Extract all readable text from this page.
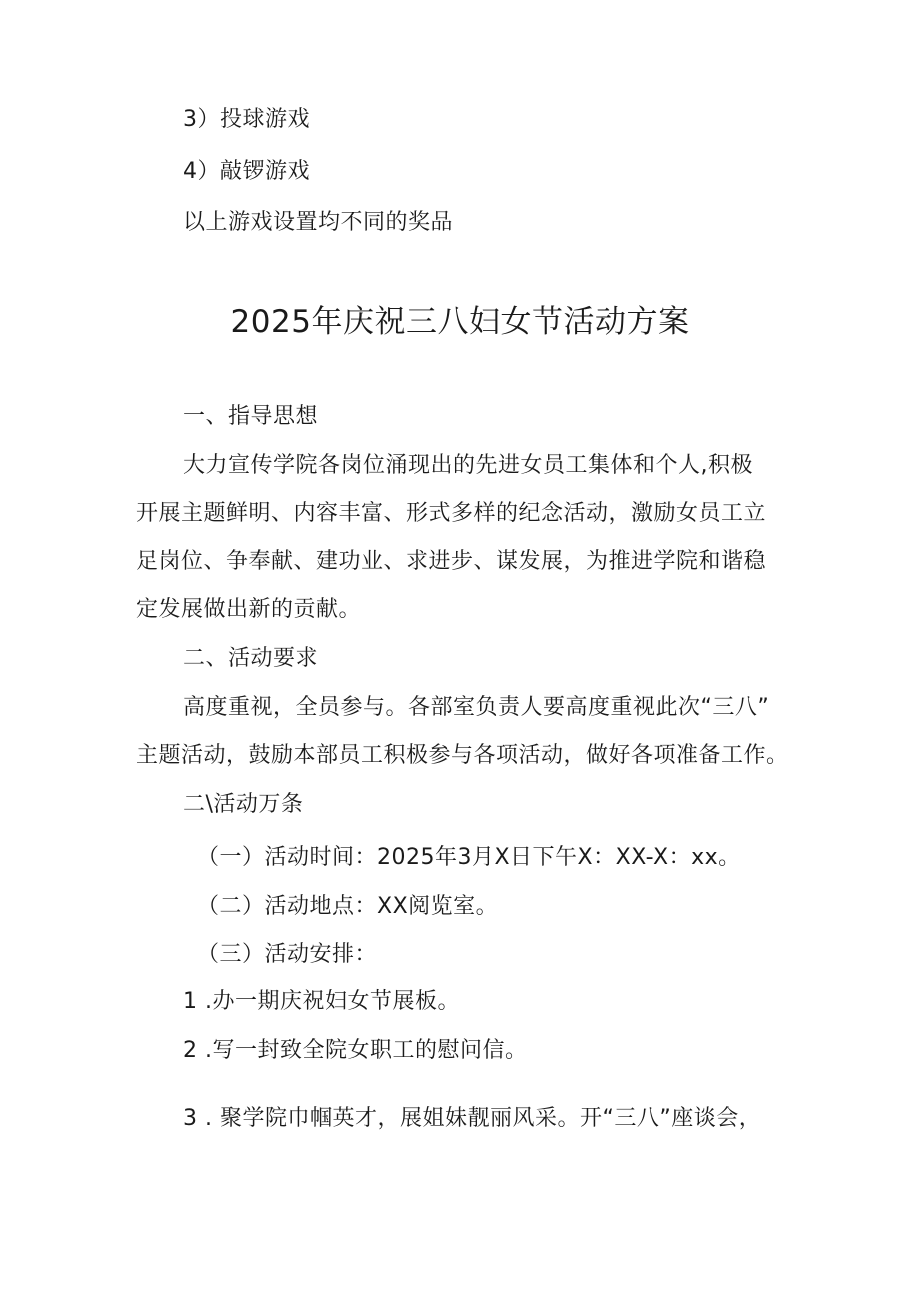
3）投球游戏
4）敲锣游戏
以上游戏设置均不同的奖品
2025年庆祝三八妇女节活动方案
一、指导思想
大力宣传学院各岗位涌现出的先进女员工集体和个人,积极
开展主题鲜明、内容丰富、形式多样的纪念活动，激励女员工立
足岗位、争奉献、建功业、求进步、谋发展，为推进学院和谐稳
定发展做出新的贡献。
二、活动要求
高度重视，全员参与。各部室负责人要高度重视此次“三八”
主题活动，鼓励本部员工积极参与各项活动，做好各项准备工作。
二\活动万条
（一）活动时间：2025年3月X日下午X：XX-X：xx。
（二）活动地点：XX阅览室。
（三）活动安排：
1 .办一期庆祝妇女节展板。
2 .写一封致全院女职工的慰问信。
3 . 聚学院巾帼英才，展姐妹靓丽风采。开“三八”座谈会，
